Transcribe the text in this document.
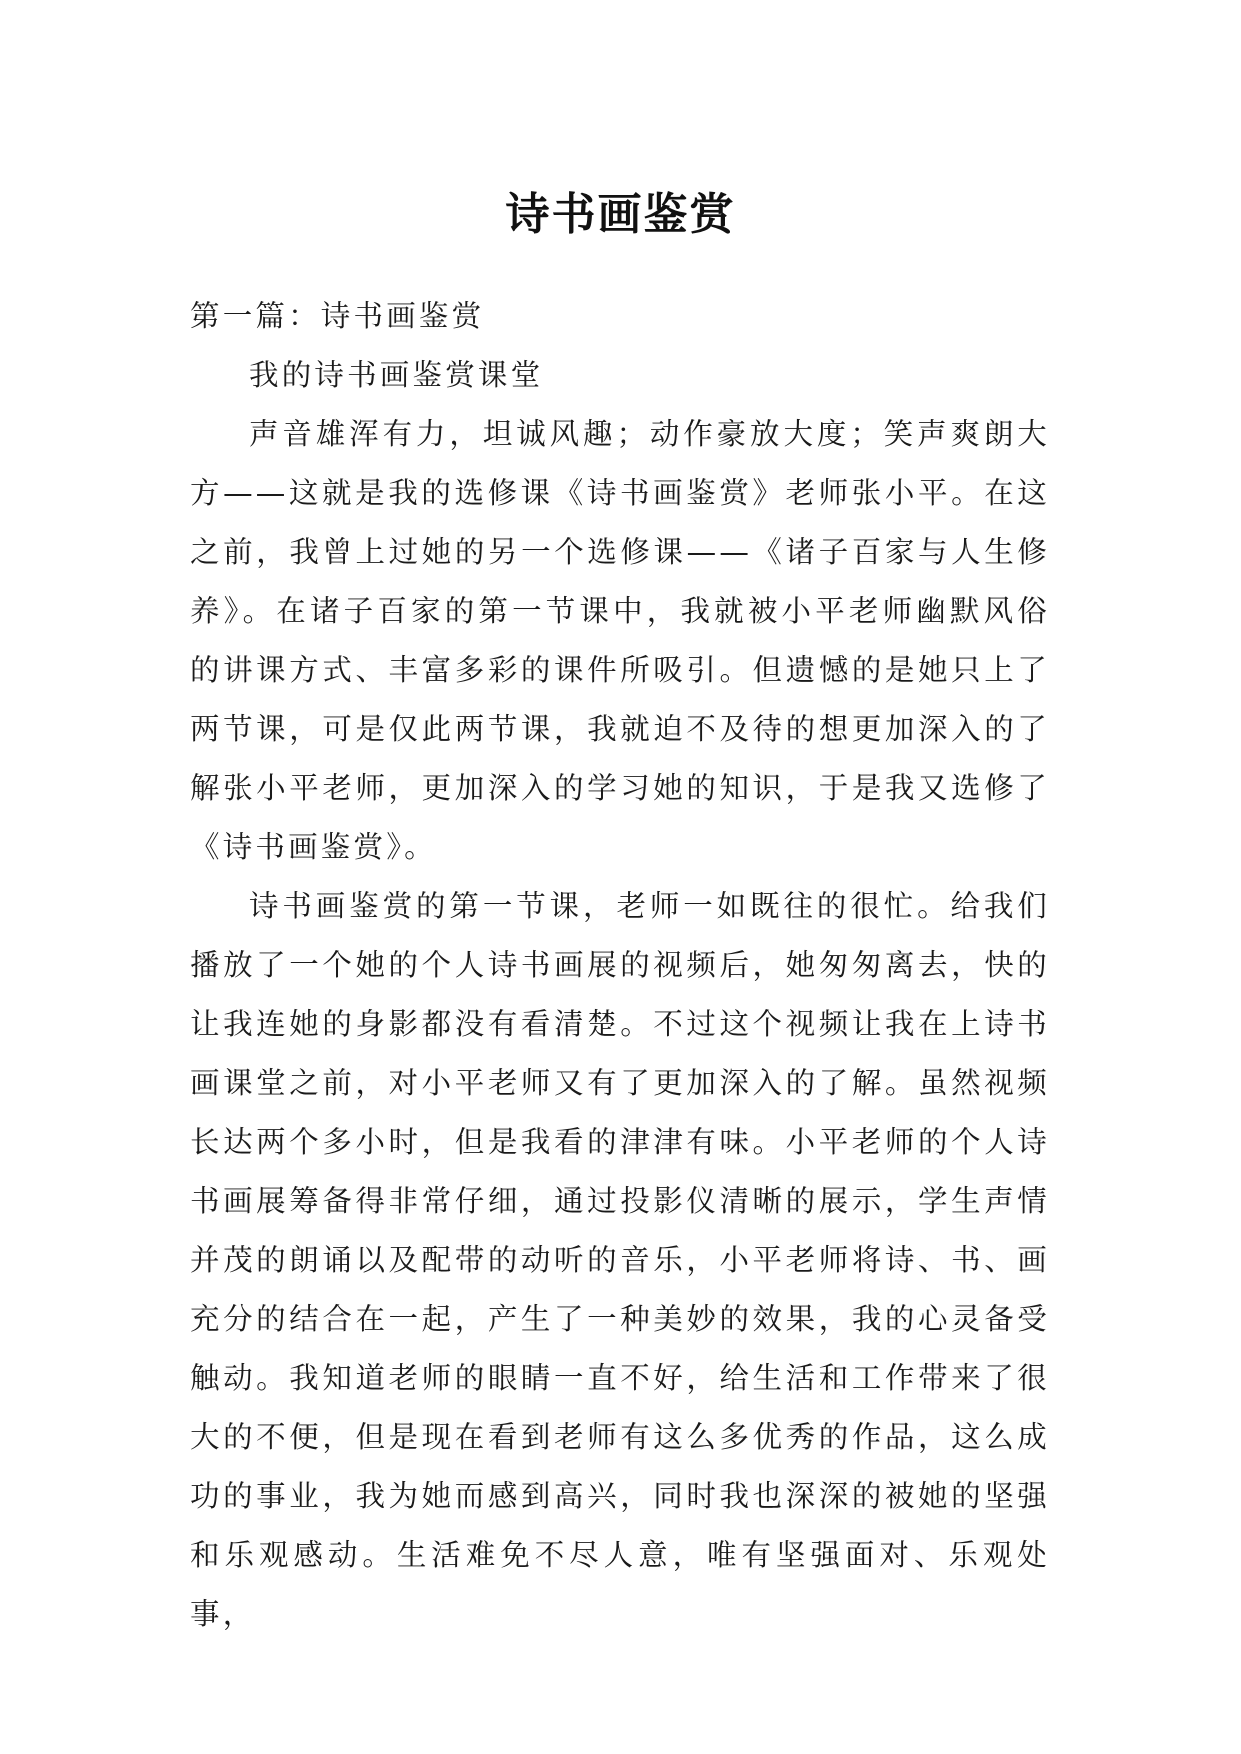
诗书画鉴赏

第一篇：诗书画鉴赏

我的诗书画鉴赏课堂

声音雄浑有力，坦诚风趣；动作豪放大度；笑声爽朗大方——这就是我的选修课《诗书画鉴赏》老师张小平。在这之前，我曾上过她的另一个选修课——《诸子百家与人生修养》。在诸子百家的第一节课中，我就被小平老师幽默风俗的讲课方式、丰富多彩的课件所吸引。但遗憾的是她只上了两节课，可是仅此两节课，我就迫不及待的想更加深入的了解张小平老师，更加深入的学习她的知识，于是我又选修了《诗书画鉴赏》。

诗书画鉴赏的第一节课，老师一如既往的很忙。给我们播放了一个她的个人诗书画展的视频后，她匆匆离去，快的让我连她的身影都没有看清楚。不过这个视频让我在上诗书画课堂之前，对小平老师又有了更加深入的了解。虽然视频长达两个多小时，但是我看的津津有味。小平老师的个人诗书画展筹备得非常仔细，通过投影仪清晰的展示，学生声情并茂的朗诵以及配带的动听的音乐，小平老师将诗、书、画充分的结合在一起，产生了一种美妙的效果，我的心灵备受触动。我知道老师的眼睛一直不好，给生活和工作带来了很大的不便，但是现在看到老师有这么多优秀的作品，这么成功的事业，我为她而感到高兴，同时我也深深的被她的坚强和乐观感动。生活难免不尽人意，唯有坚强面对、乐观处事，
